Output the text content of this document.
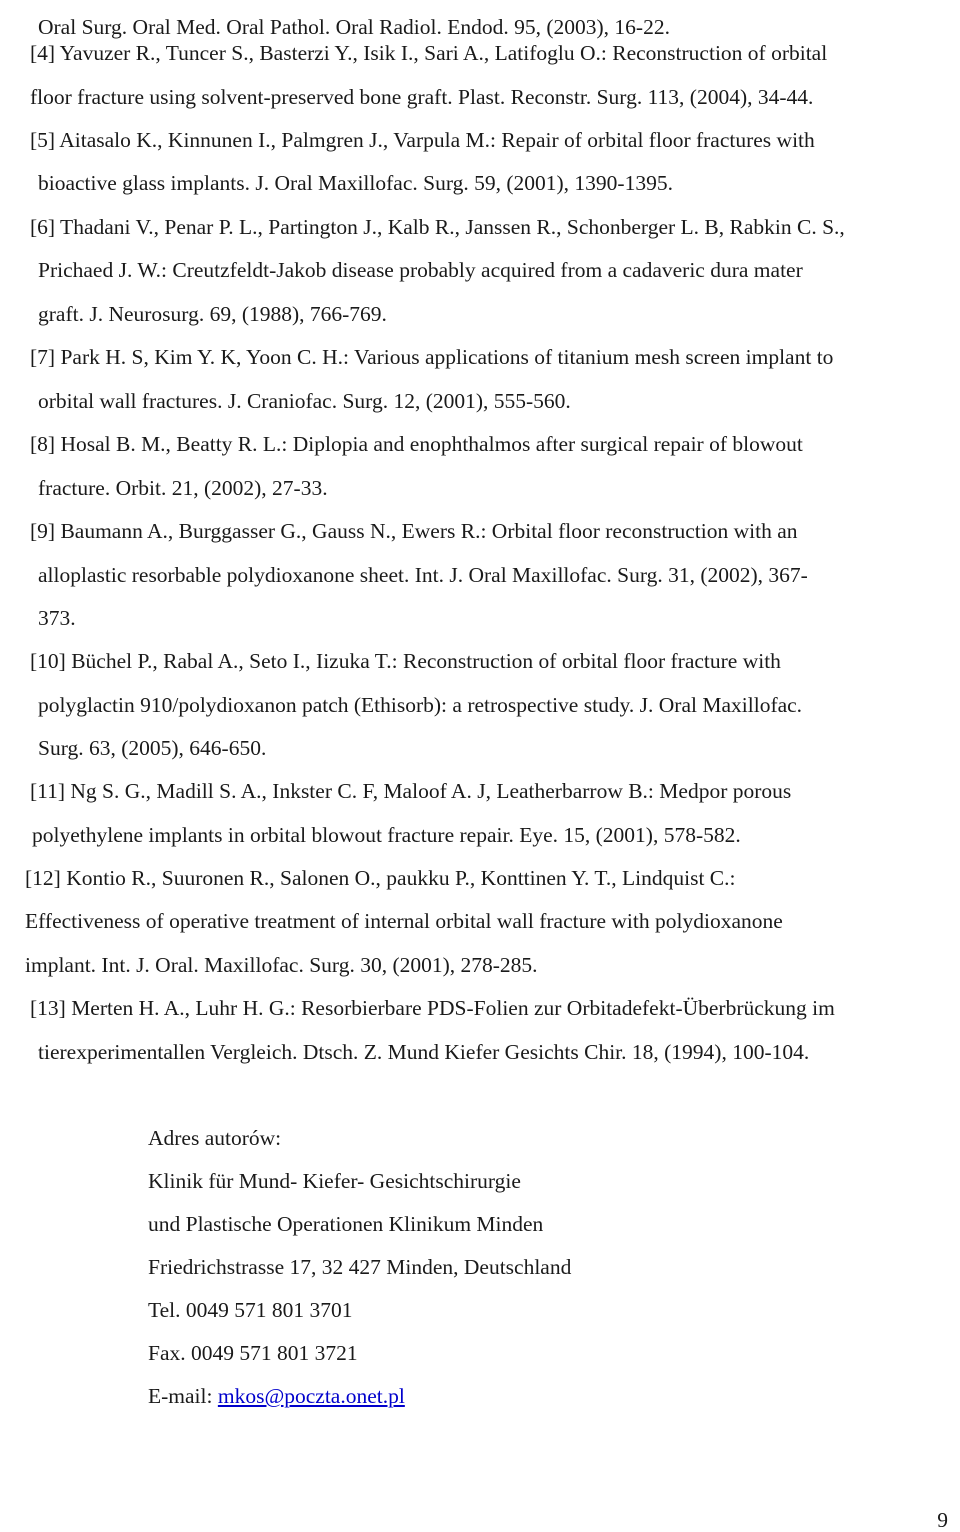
Oral Surg. Oral Med. Oral Pathol. Oral Radiol. Endod. 95, (2003), 16-22.
[4] Yavuzer R., Tuncer S., Basterzi Y., Isik I., Sari A., Latifoglu O.: Reconstruction of orbital
floor fracture using solvent-preserved bone graft. Plast. Reconstr. Surg. 113, (2004), 34-44.
[5] Aitasalo K., Kinnunen I., Palmgren J., Varpula M.: Repair of orbital floor fractures with
bioactive glass implants. J. Oral Maxillofac. Surg. 59, (2001), 1390-1395.
[6] Thadani V., Penar P. L., Partington J., Kalb R., Janssen R., Schonberger L. B, Rabkin C. S.,
Prichaed J. W.: Creutzfeldt-Jakob disease probably acquired from a cadaveric dura mater
graft. J. Neurosurg. 69, (1988), 766-769.
[7] Park H. S, Kim Y. K, Yoon C. H.: Various applications of titanium mesh screen implant to
orbital wall fractures. J. Craniofac. Surg. 12, (2001), 555-560.
[8] Hosal B. M., Beatty R. L.: Diplopia and enophthalmos after surgical repair of blowout
fracture. Orbit. 21, (2002), 27-33.
[9] Baumann A., Burggasser G., Gauss N., Ewers R.: Orbital floor reconstruction with an
alloplastic resorbable polydioxanone sheet. Int. J. Oral Maxillofac. Surg. 31, (2002), 367-
373.
[10] Büchel P., Rabal A., Seto I., Iizuka T.: Reconstruction of orbital floor fracture with
polyglactin 910/polydioxanon patch (Ethisorb): a retrospective study. J. Oral Maxillofac.
Surg. 63, (2005), 646-650.
[11] Ng S. G., Madill S. A., Inkster C. F, Maloof A. J, Leatherbarrow B.: Medpor porous
polyethylene implants in orbital blowout fracture repair. Eye. 15, (2001), 578-582.
[12] Kontio R., Suuronen R., Salonen O., paukku P., Konttinen Y. T., Lindquist C.:
Effectiveness of operative treatment of internal orbital wall fracture with polydioxanone
implant. Int. J. Oral. Maxillofac. Surg. 30, (2001), 278-285.
[13] Merten H. A., Luhr H. G.: Resorbierbare PDS-Folien zur Orbitadefekt-Überbrückung im
tierexperimentallen Vergleich. Dtsch. Z. Mund Kiefer Gesichts Chir. 18, (1994), 100-104.
Adres autorów:
Klinik für Mund- Kiefer- Gesichtschirurgie
und Plastische Operationen Klinikum Minden
Friedrichstrasse 17, 32 427 Minden, Deutschland
Tel. 0049 571 801 3701
Fax. 0049 571 801 3721
E-mail: mkos@poczta.onet.pl
9
